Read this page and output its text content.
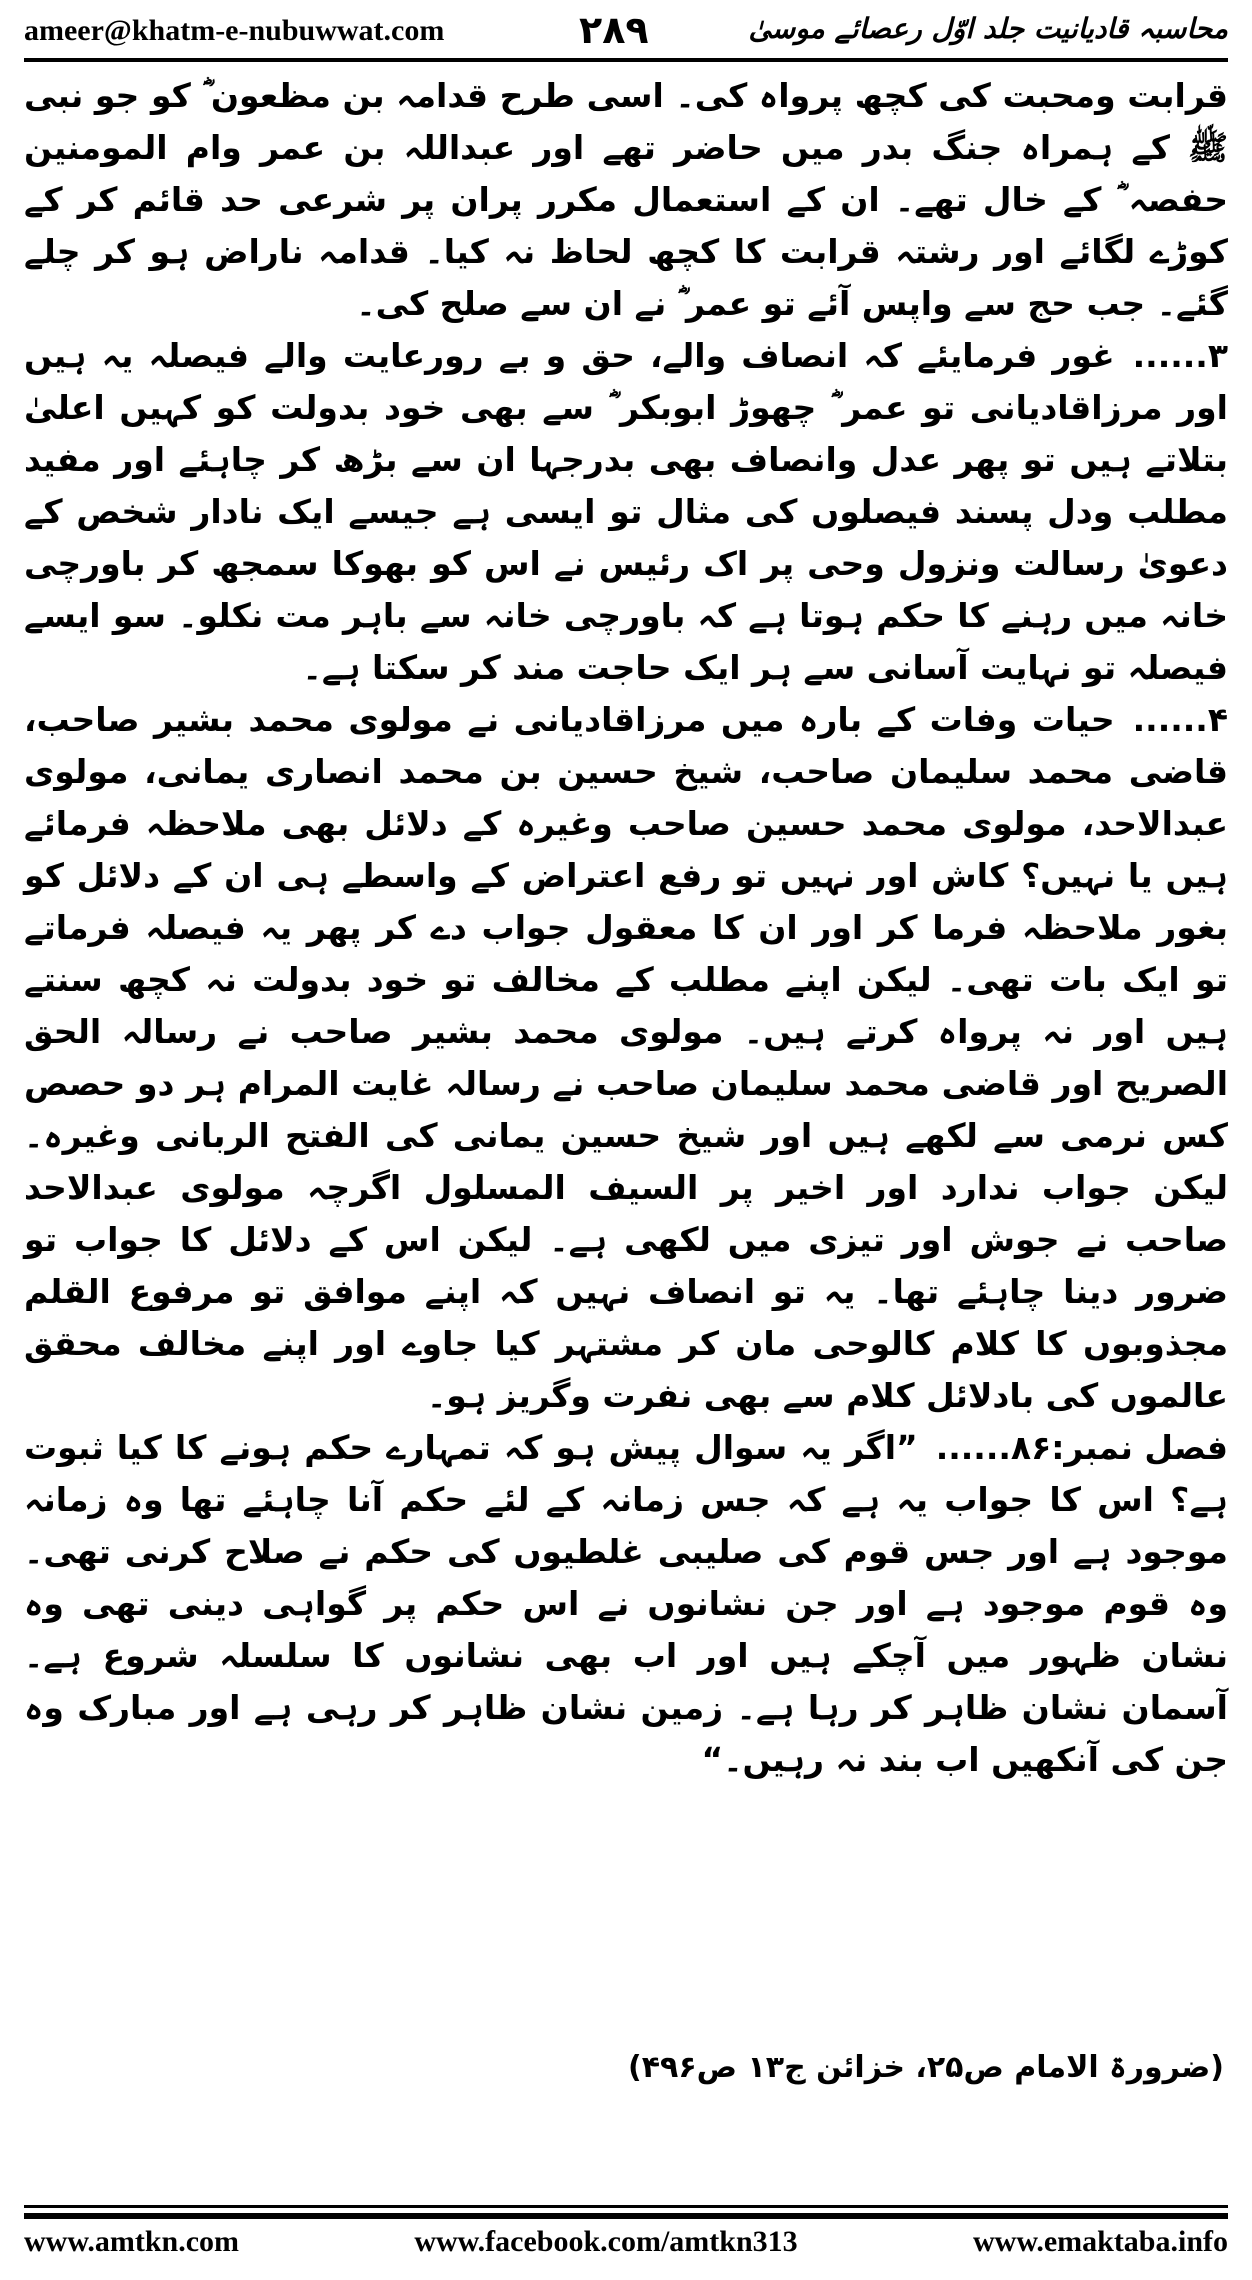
ameer@khatm-e-nubuwwat.com	۲۸۹	محاسبہ قادیانیت جلد اوّل رعصائے موسیٰ

قرابت ومحبت کی کچھ پرواہ کی۔ اسی طرح قدامہ بن مظعون ؓ کو جو نبی ﷺ کے ہمراہ جنگ بدر میں حاضر تھے اور عبداللہ بن عمر وام المومنین حفصہ ؓ کے خال تھے۔ ان کے استعمال مکرر پران پر شرعی حد قائم کر کے کوڑے لگائے اور رشتہ قرابت کا کچھ لحاظ نہ کیا۔ قدامہ ناراض ہو کر چلے گئے۔ جب حج سے واپس آئے تو عمر ؓ نے ان سے صلح کی۔

۳......غور فرمایئے کہ انصاف والے، حق و بے رورعایت والے فیصلہ یہ ہیں اور مرزاقادیانی تو عمر ؓ چھوڑ ابوبکر ؓ سے بھی خود بدولت کو کہیں اعلیٰ بتلاتے ہیں تو پھر عدل وانصاف بھی بدرجہا ان سے بڑھ کر چاہئے اور مفید مطلب ودل پسند فیصلوں کی مثال تو ایسی ہے جیسے ایک نادار شخص کے دعویٰ رسالت ونزول وحی پر اک رئیس نے اس کو بھوکا سمجھ کر باورچی خانہ میں رہنے کا حکم ہوتا ہے کہ باورچی خانہ سے باہر مت نکلو۔ سو ایسے فیصلہ تو نہایت آسانی سے ہر ایک حاجت مند کر سکتا ہے۔

۴......حیات وفات کے بارہ میں مرزاقادیانی نے مولوی محمد بشیر صاحب، قاضی محمد سلیمان صاحب، شیخ حسین بن محمد انصاری یمانی، مولوی عبدالاحد، مولوی محمد حسین صاحب وغیرہ کے دلائل بھی ملاحظہ فرمائے ہیں یا نہیں؟ کاش اور نہیں تو رفع اعتراض کے واسطے ہی ان کے دلائل کو بغور ملاحظہ فرما کر اور ان کا معقول جواب دے کر پھر یہ فیصلہ فرماتے تو ایک بات تھی۔ لیکن اپنے مطلب کے مخالف تو خود بدولت نہ کچھ سنتے ہیں اور نہ پرواہ کرتے ہیں۔ مولوی محمد بشیر صاحب نے رسالہ الحق الصریح اور قاضی محمد سلیمان صاحب نے رسالہ غایت المرام ہر دو حصص کس نرمی سے لکھے ہیں اور شیخ حسین یمانی کی الفتح الربانی وغیرہ۔ لیکن جواب ندارد اور اخیر پر السیف المسلول اگرچہ مولوی عبدالاحد صاحب نے جوش اور تیزی میں لکھی ہے۔ لیکن اس کے دلائل کا جواب تو ضرور دینا چاہئے تھا۔ یہ تو انصاف نہیں کہ اپنے موافق تو مرفوع القلم مجذوبوں کا کلام کالوحی مان کر مشتہر کیا جاوے اور اپنے مخالف محقق عالموں کی بادلائل کلام سے بھی نفرت وگریز ہو۔

فصل نمبر:۸۶......”اگر یہ سوال پیش ہو کہ تمہارے حکم ہونے کا کیا ثبوت ہے؟ اس کا جواب یہ ہے کہ جس زمانہ کے لئے حکم آنا چاہئے تھا وہ زمانہ موجود ہے اور جس قوم کی صلیبی غلطیوں کی حکم نے صلاح کرنی تھی۔ وہ قوم موجود ہے اور جن نشانوں نے اس حکم پر گواہی دینی تھی وہ نشان ظہور میں آچکے ہیں اور اب بھی نشانوں کا سلسلہ شروع ہے۔ آسمان نشان ظاہر کر رہا ہے۔ زمین نشان ظاہر کر رہی ہے اور مبارک وہ جن کی آنکھیں اب بند نہ رہیں۔“

(ضرورۃ الامام ص۲۵، خزائن ج۱۳ ص۴۹۶)
www.amtkn.com	www.facebook.com/amtkn313	www.emaktaba.info
